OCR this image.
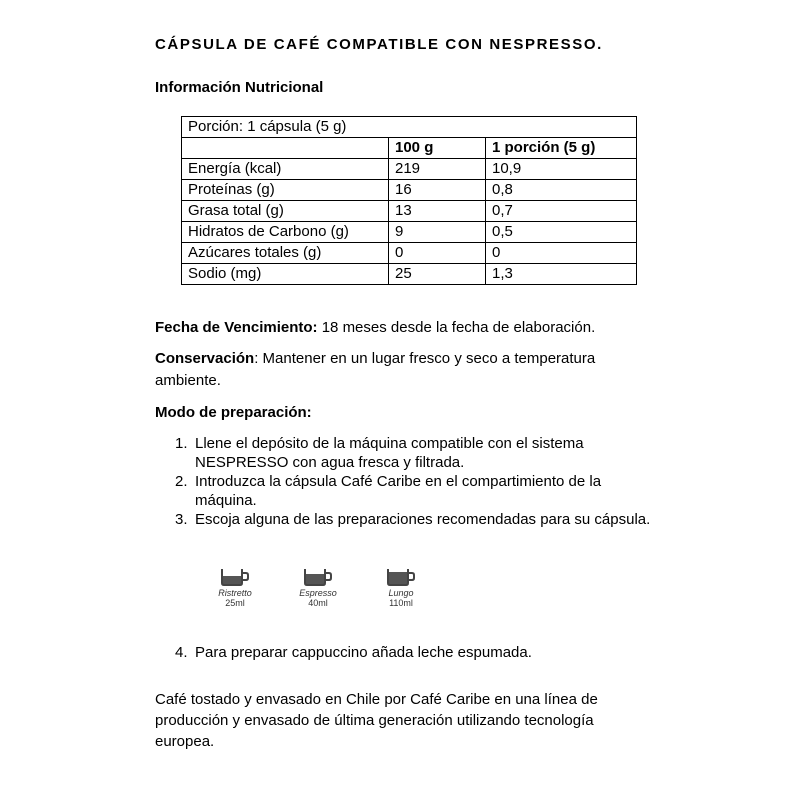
CÁPSULA DE CAFÉ COMPATIBLE CON NESPRESSO.
Información Nutricional
Porción: 1 cápsula (5 g)		
	100 g	1 porción (5 g)
Energía (kcal)	219	10,9
Proteínas (g)	16	0,8
Grasa total (g)	13	0,7
Hidratos de Carbono (g)	9	0,5
Azúcares totales (g)	0	0
Sodio (mg)	25	1,3
Fecha de Vencimiento: 18 meses desde la fecha de elaboración.
Conservación: Mantener en un lugar fresco y seco a temperatura ambiente.
Modo de preparación:
1. Llene el depósito de la máquina compatible con el sistema NESPRESSO con agua fresca y filtrada.
2. Introduzca la cápsula Café Caribe en el compartimiento de la máquina.
3. Escoja alguna de las preparaciones recomendadas para su cápsula.
Ristretto
25ml
Espresso
40ml
Lungo
110ml
4. Para preparar cappuccino añada leche espumada.
Café tostado y envasado en Chile por Café Caribe en una línea de producción y envasado de última generación utilizando tecnología europea.
